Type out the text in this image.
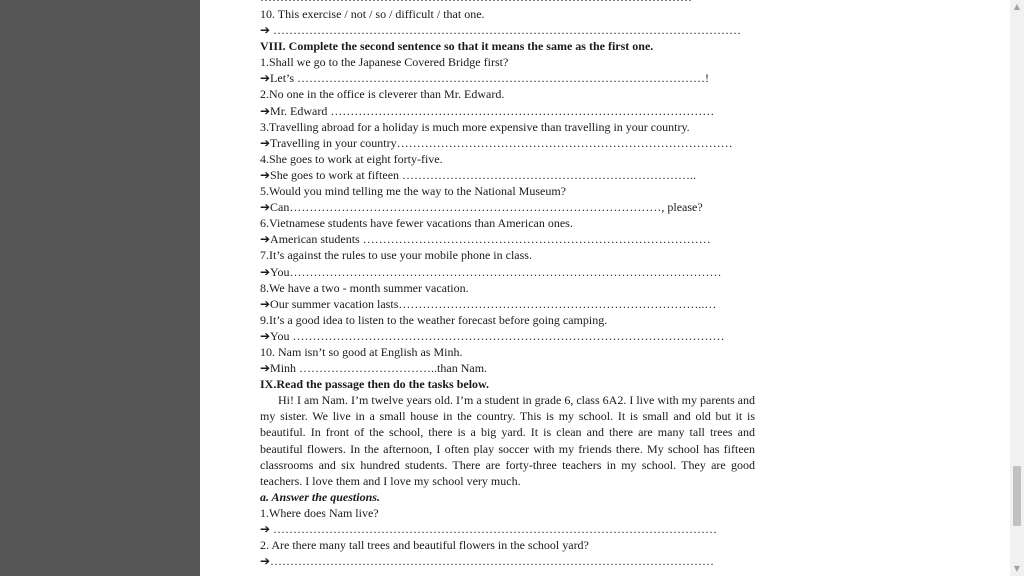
10. This exercise / not / so / difficult / that one.
➔ ………………………………………………………………………………………………………
VIII. Complete the second sentence so that it means the same as the first one.
1.Shall we go to the Japanese Covered Bridge first?
➔Let’s …………………………………………………………………………………………!
2.No one in the office is cleverer than Mr. Edward.
➔Mr. Edward ……………………………………………………………………………………
3.Travelling abroad for a holiday is much more expensive than travelling in your country.
➔Travelling in your country…………………………………………………………………………
4.She goes to work at eight forty-five.
➔She goes to work at fifteen ………………………………………………………………..
5.Would you mind telling me the way to the National Museum?
➔Can…………………………………………………………………………………, please?
6.Vietnamese students have fewer vacations than American ones.
➔American students ……………………………………………………………………………
7.It’s against the rules to use your mobile phone in class.
➔You………………………………………………………………………………………………
8.We have a two - month summer vacation.
➔Our summer vacation lasts…………………………………………………………………..…
9.It’s a good idea to listen to the weather forecast before going camping.
➔You ………………………………………………………………………………………………
10. Nam isn’t so good at English as Minh.
➔Minh ……………………………..than Nam.
IX.Read the passage then do the tasks below.
Hi! I am Nam. I’m twelve years old. I’m a student in grade 6, class 6A2. I live with my parents and my sister. We live in a small house in the country. This is my school. It is small and old but it is beautiful. In front of the school, there is a big yard. It is clean and there are many tall trees and beautiful flowers. In the afternoon, I often play soccer with my friends there. My school has fifteen classrooms and six hundred students. There are forty-three teachers in my school. They are good teachers. I love them and I love my school very much.
a. Answer the questions.
1.Where does Nam live?
➔ …………………………………………………………………………………………………
2. Are there many tall trees and beautiful flowers in the school yard?
➔…………………………………………………………………………………………………
▲
▼
